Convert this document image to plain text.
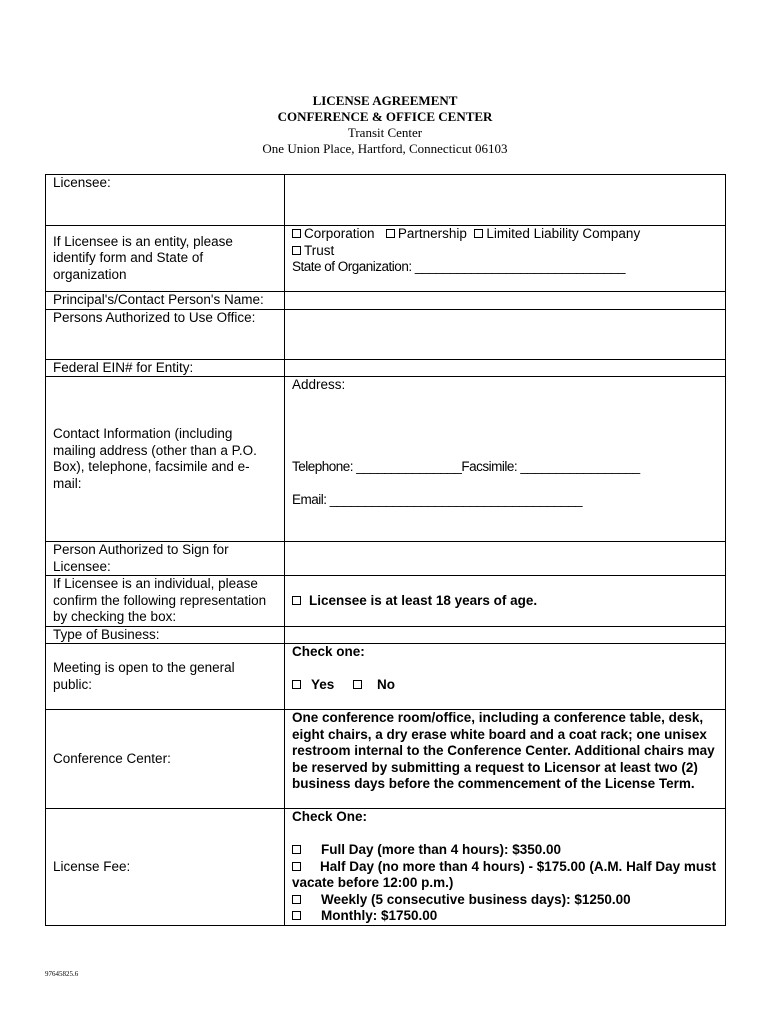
LICENSE AGREEMENT
CONFERENCE & OFFICE CENTER
Transit Center
One Union Place, Hartford, Connecticut 06103
Licensee:	
If Licensee is an entity, please identify form and State of organization	Corporation Partnership Limited Liability Company
Trust
State of Organization: ______________________________
Principal's/Contact Person's Name:	
Persons Authorized to Use Office:	
Federal EIN# for Entity:	
Contact Information (including mailing address (other than a P.O. Box), telephone, facsimile and e-mail:	Address:
Telephone: _______________Facsimile: _________________
Email: ____________________________________

Person Authorized to Sign for Licensee:	
If Licensee is an individual, please confirm the following representation by checking the box:	Licensee is at least 18 years of age.
Type of Business:	
Meeting is open to the general public:	Check one:
Yes No

Conference Center:	One conference room/office, including a conference table, desk, eight chairs, a dry erase white board and a coat rack; one unisex restroom internal to the Conference Center. Additional chairs may be reserved by submitting a request to Licensor at least two (2) business days before the commencement of the License Term.
License Fee:	Check One:
Full Day (more than 4 hours): $350.00
Half Day (no more than 4 hours) - $175.00 (A.M. Half Day must vacate before 12:00 p.m.)
Weekly (5 consecutive business days): $1250.00
Monthly: $1750.00
97645825.6
